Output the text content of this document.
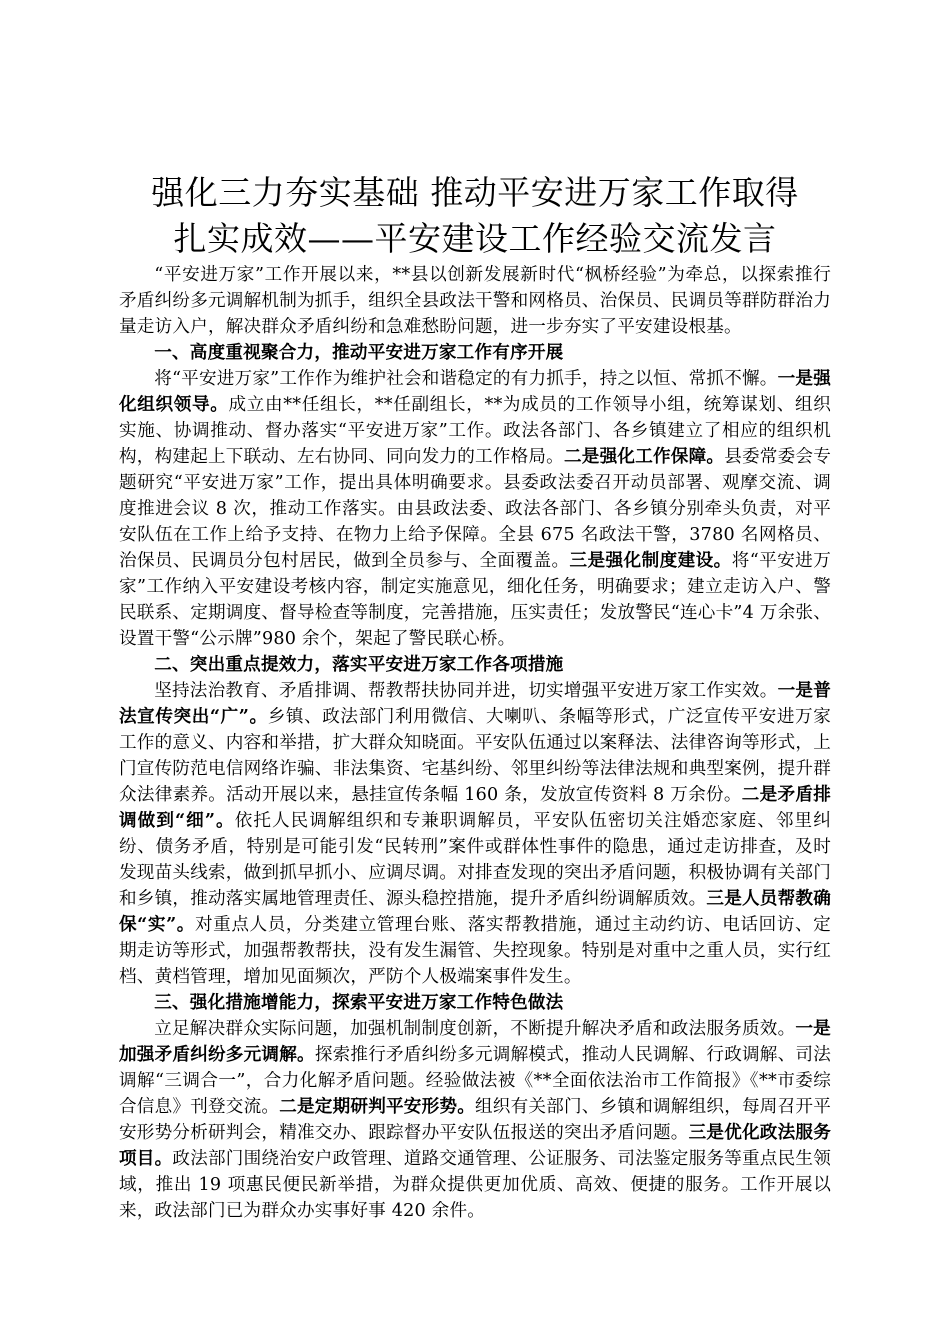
强化三力夯实基础 推动平安进万家工作取得
扎实成效——平安建设工作经验交流发言

“平安进万家”工作开展以来，**县以创新发展新时代“枫桥经验”为牵总，以探索推行矛盾纠纷多元调解机制为抓手，组织全县政法干警和网格员、治保员、民调员等群防群治力量走访入户，解决群众矛盾纠纷和急难愁盼问题，进一步夯实了平安建设根基。

一、高度重视聚合力，推动平安进万家工作有序开展

将“平安进万家”工作作为维护社会和谐稳定的有力抓手，持之以恒、常抓不懈。一是强化组织领导。成立由**任组长，**任副组长，**为成员的工作领导小组，统筹谋划、组织实施、协调推动、督办落实“平安进万家”工作。政法各部门、各乡镇建立了相应的组织机构，构建起上下联动、左右协同、同向发力的工作格局。二是强化工作保障。县委常委会专题研究“平安进万家”工作，提出具体明确要求。县委政法委召开动员部署、观摩交流、调度推进会议 8 次，推动工作落实。由县政法委、政法各部门、各乡镇分别牵头负责，对平安队伍在工作上给予支持、在物力上给予保障。全县 675 名政法干警，3780 名网格员、治保员、民调员分包村居民，做到全员参与、全面覆盖。三是强化制度建设。将“平安进万家”工作纳入平安建设考核内容，制定实施意见，细化任务，明确要求；建立走访入户、警民联系、定期调度、督导检查等制度，完善措施，压实责任；发放警民“连心卡”4 万余张、设置干警“公示牌”980 余个，架起了警民联心桥。

二、突出重点提效力，落实平安进万家工作各项措施

坚持法治教育、矛盾排调、帮教帮扶协同并进，切实增强平安进万家工作实效。一是普法宣传突出“广”。乡镇、政法部门利用微信、大喇叭、条幅等形式，广泛宣传平安进万家工作的意义、内容和举措，扩大群众知晓面。平安队伍通过以案释法、法律咨询等形式，上门宣传防范电信网络诈骗、非法集资、宅基纠纷、邻里纠纷等法律法规和典型案例，提升群众法律素养。活动开展以来，悬挂宣传条幅 160 条，发放宣传资料 8 万余份。二是矛盾排调做到“细”。依托人民调解组织和专兼职调解员，平安队伍密切关注婚恋家庭、邻里纠纷、债务矛盾，特别是可能引发“民转刑”案件或群体性事件的隐患，通过走访排查，及时发现苗头线索，做到抓早抓小、应调尽调。对排查发现的突出矛盾问题，积极协调有关部门和乡镇，推动落实属地管理责任、源头稳控措施，提升矛盾纠纷调解质效。三是人员帮教确保“实”。对重点人员，分类建立管理台账、落实帮教措施，通过主动约访、电话回访、定期走访等形式，加强帮教帮扶，没有发生漏管、失控现象。特别是对重中之重人员，实行红档、黄档管理，增加见面频次，严防个人极端案事件发生。

三、强化措施增能力，探索平安进万家工作特色做法

立足解决群众实际问题，加强机制制度创新，不断提升解决矛盾和政法服务质效。一是加强矛盾纠纷多元调解。探索推行矛盾纠纷多元调解模式，推动人民调解、行政调解、司法调解“三调合一”，合力化解矛盾问题。经验做法被《**全面依法治市工作简报》《**市委综合信息》刊登交流。二是定期研判平安形势。组织有关部门、乡镇和调解组织，每周召开平安形势分析研判会，精准交办、跟踪督办平安队伍报送的突出矛盾问题。三是优化政法服务项目。政法部门围绕治安户政管理、道路交通管理、公证服务、司法鉴定服务等重点民生领域，推出 19 项惠民便民新举措，为群众提供更加优质、高效、便捷的服务。工作开展以来，政法部门已为群众办实事好事 420 余件。
